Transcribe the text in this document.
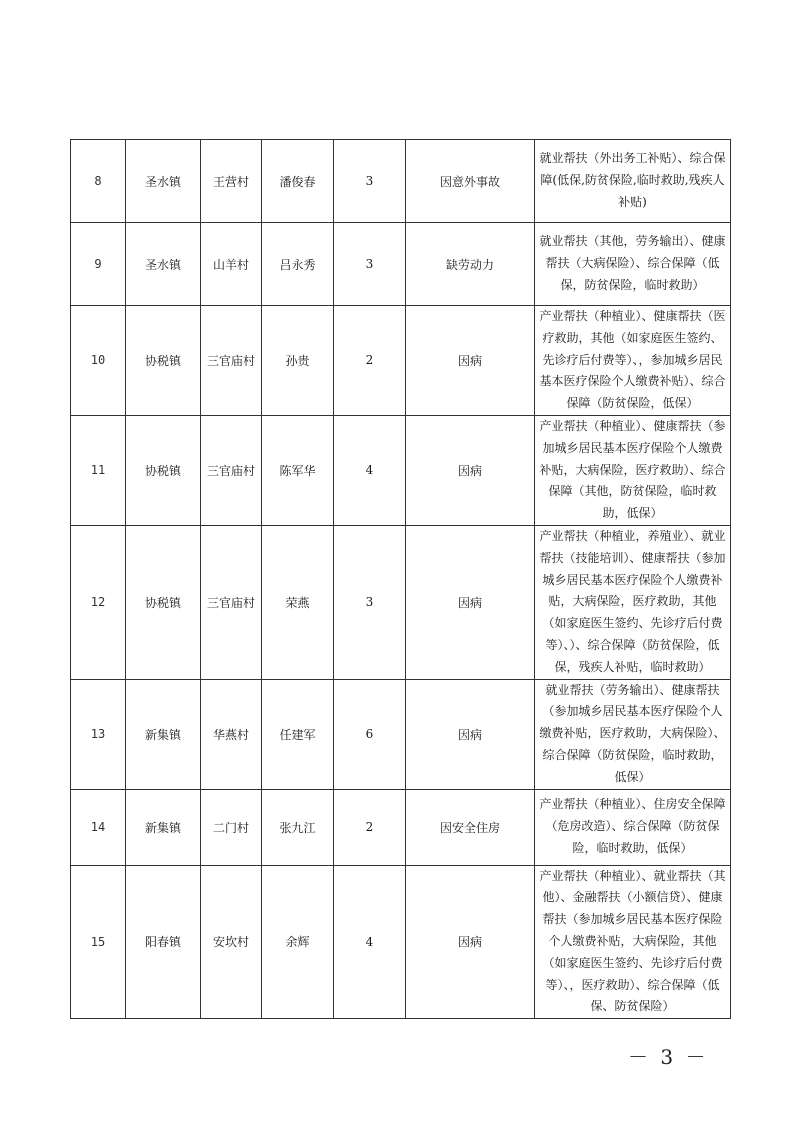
8	圣水镇	王营村	潘俊春	3	因意外事故	就业帮扶（外出务工补贴）、综合保障(低保,防贫保险,临时救助,残疾人补贴)
9	圣水镇	山羊村	吕永秀	3	缺劳动力	就业帮扶（其他，劳务输出）、健康帮扶（大病保险）、综合保障（低保，防贫保险，临时救助）
10	协税镇	三官庙村	孙贵	2	因病	产业帮扶（种植业）、健康帮扶（医疗救助，其他（如家庭医生签约、先诊疗后付费等）、，参加城乡居民基本医疗保险个人缴费补贴）、综合保障（防贫保险，低保）
11	协税镇	三官庙村	陈军华	4	因病	产业帮扶（种植业）、健康帮扶（参加城乡居民基本医疗保险个人缴费补贴，大病保险，医疗救助）、综合保障（其他，防贫保险，临时救助，低保）
12	协税镇	三官庙村	荣燕	3	因病	产业帮扶（种植业，养殖业）、就业帮扶（技能培训）、健康帮扶（参加城乡居民基本医疗保险个人缴费补贴，大病保险，医疗救助，其他（如家庭医生签约、先诊疗后付费等）、）、综合保障（防贫保险，低保，残疾人补贴，临时救助）
13	新集镇	华燕村	任建军	6	因病	就业帮扶（劳务输出）、健康帮扶（参加城乡居民基本医疗保险个人缴费补贴，医疗救助，大病保险）、综合保障（防贫保险，临时救助，低保）
14	新集镇	二门村	张九江	2	因安全住房	产业帮扶（种植业）、住房安全保障（危房改造）、综合保障（防贫保险，临时救助，低保）
15	阳春镇	安坎村	余辉	4	因病	产业帮扶（种植业）、就业帮扶（其他）、金融帮扶（小额信贷）、健康帮扶（参加城乡居民基本医疗保险个人缴费补贴，大病保险，其他（如家庭医生签约、先诊疗后付费等）、，医疗救助）、综合保障（低保、防贫保险）
－ 3 －
